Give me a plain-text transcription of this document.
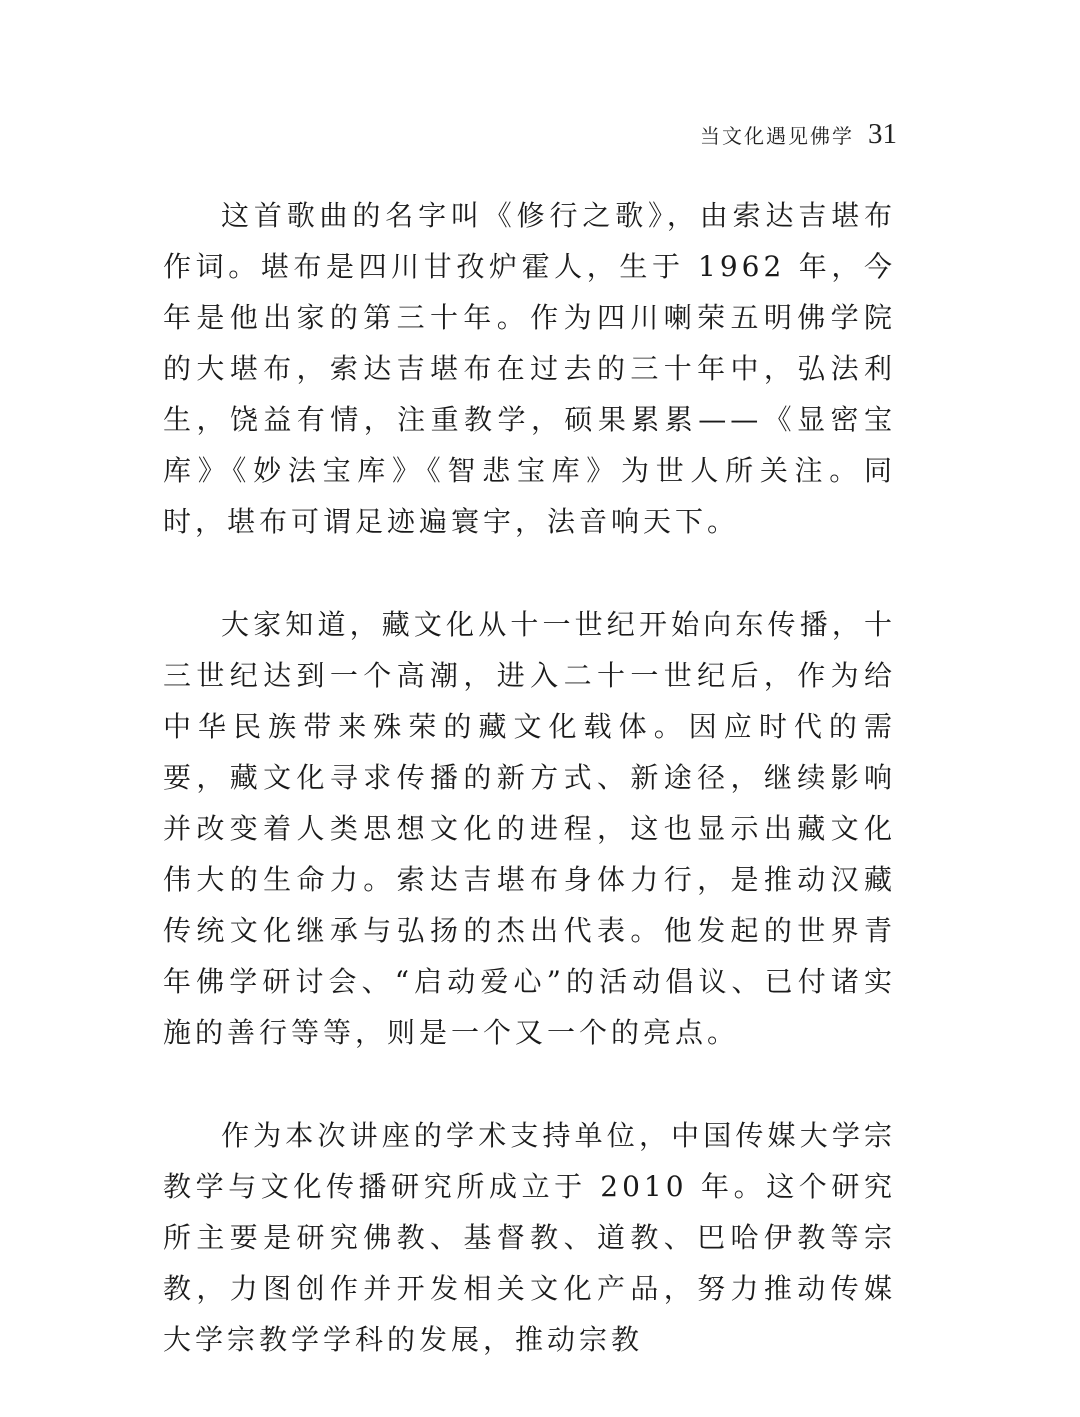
当文化遇见佛学 31

这首歌曲的名字叫《修行之歌》，由索达吉堪布作词。堪布是四川甘孜炉霍人，生于 1962 年，今年是他出家的第三十年。作为四川喇荣五明佛学院的大堪布，索达吉堪布在过去的三十年中，弘法利生，饶益有情，注重教学，硕果累累——《显密宝库》《妙法宝库》《智悲宝库》为世人所关注。同时，堪布可谓足迹遍寰宇，法音响天下。

大家知道，藏文化从十一世纪开始向东传播，十三世纪达到一个高潮，进入二十一世纪后，作为给中华民族带来殊荣的藏文化载体。因应时代的需要，藏文化寻求传播的新方式、新途径，继续影响并改变着人类思想文化的进程，这也显示出藏文化伟大的生命力。索达吉堪布身体力行，是推动汉藏传统文化继承与弘扬的杰出代表。他发起的世界青年佛学研讨会、“启动爱心”的活动倡议、已付诸实施的善行等等，则是一个又一个的亮点。

作为本次讲座的学术支持单位，中国传媒大学宗教学与文化传播研究所成立于 2010 年。这个研究所主要是研究佛教、基督教、道教、巴哈伊教等宗教，力图创作并开发相关文化产品，努力推动传媒大学宗教学学科的发展，推动宗教
